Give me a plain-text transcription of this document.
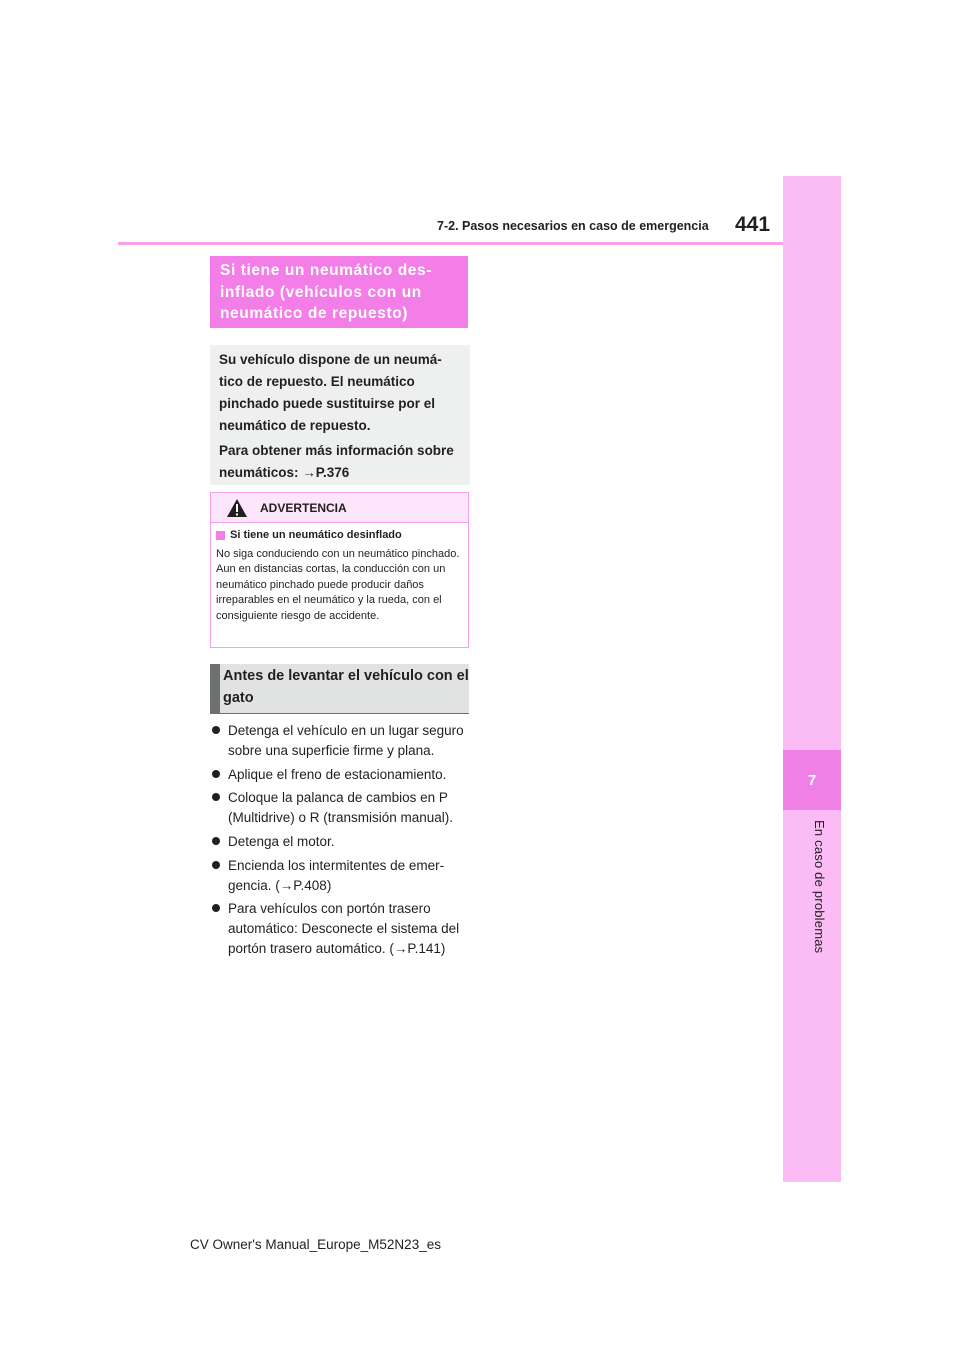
7
En caso de problemas
7-2. Pasos necesarios en caso de emergencia 441
Si tiene un neumático des-inflado (vehículos con un neumático de repuesto)

Su vehículo dispone de un neumá-tico de repuesto. El neumático pinchado puede sustituirse por el neumático de repuesto.

Para obtener más información sobre neumáticos: →P.376

ADVERTENCIA
Si tiene un neumático desinflado
No siga conduciendo con un neumático pinchado. Aun en distancias cortas, la conducción con un neumático pinchado puede producir daños irreparables en el neumático y la rueda, con el consiguiente riesgo de accidente.
Antes de levantar el vehículo con el gato
Detenga el vehículo en un lugar seguro sobre una superficie firme y plana.
Aplique el freno de estacionamiento.
Coloque la palanca de cambios en P (Multidrive) o R (transmisión manual).
Detenga el motor.
Encienda los intermitentes de emer-gencia. (→P.408)
Para vehículos con portón trasero automático: Desconecte el sistema del portón trasero automático. (→P.141)
CV Owner's Manual_Europe_M52N23_es
